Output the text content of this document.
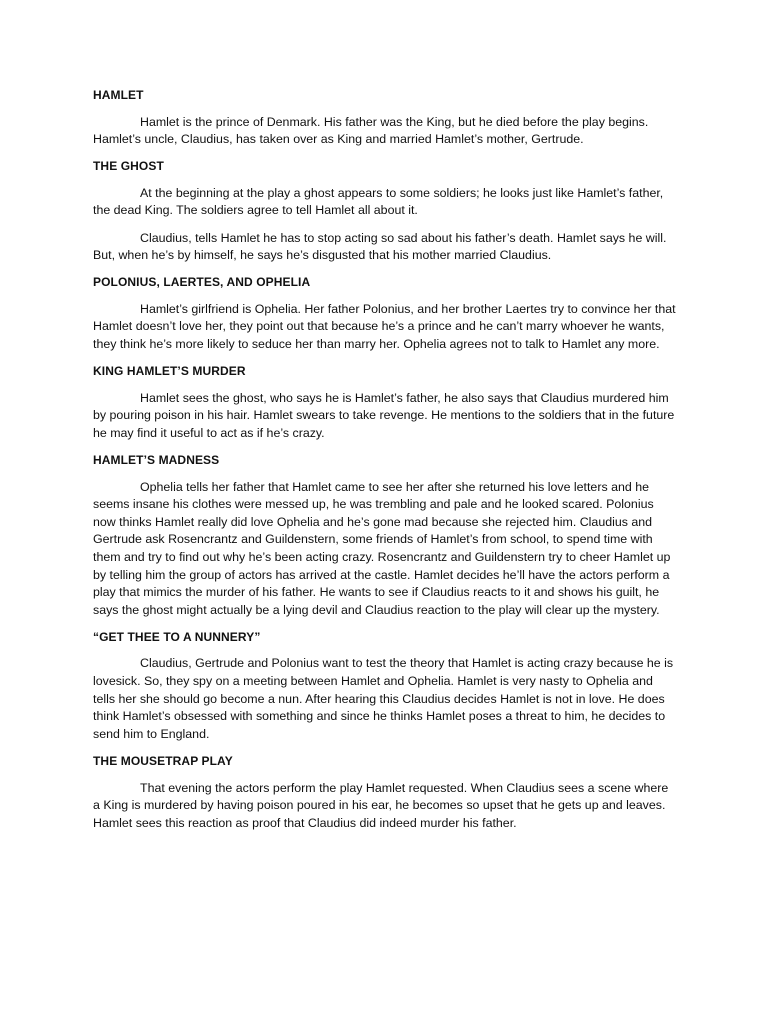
HAMLET

Hamlet is the prince of Denmark. His father was the King, but he died before the play begins. Hamlet’s uncle, Claudius, has taken over as King and married Hamlet’s mother, Gertrude.

THE GHOST

At the beginning at the play a ghost appears to some soldiers; he looks just like Hamlet’s father, the dead King. The soldiers agree to tell Hamlet all about it.

Claudius, tells Hamlet he has to stop acting so sad about his father’s death. Hamlet says he will. But, when he’s by himself, he says he’s disgusted that his mother married Claudius.

POLONIUS, LAERTES, AND OPHELIA

Hamlet’s girlfriend is Ophelia. Her father Polonius, and her brother Laertes try to convince her that Hamlet doesn’t love her, they point out that because he’s a prince and he can’t marry whoever he wants, they think he’s more likely to seduce her than marry her. Ophelia agrees not to talk to Hamlet any more.

KING HAMLET’S MURDER

Hamlet sees the ghost, who says he is Hamlet’s father, he also says that Claudius murdered him by pouring poison in his hair. Hamlet swears to take revenge. He mentions to the soldiers that in the future he may find it useful to act as if he’s crazy.

HAMLET’S MADNESS

Ophelia tells her father that Hamlet came to see her after she returned his love letters and he seems insane his clothes were messed up, he was trembling and pale and he looked scared. Polonius now thinks Hamlet really did love Ophelia and he’s gone mad because she rejected him. Claudius and Gertrude ask Rosencrantz and Guildenstern, some friends of Hamlet’s from school, to spend time with them and try to find out why he’s been acting crazy. Rosencrantz and Guildenstern try to cheer Hamlet up by telling him the group of actors has arrived at the castle. Hamlet decides he’ll have the actors perform a play that mimics the murder of his father. He wants to see if Claudius reacts to it and shows his guilt, he says the ghost might actually be a lying devil and Claudius reaction to the play will clear up the mystery.

“GET THEE TO A NUNNERY”

Claudius, Gertrude and Polonius want to test the theory that Hamlet is acting crazy because he is lovesick. So, they spy on a meeting between Hamlet and Ophelia. Hamlet is very nasty to Ophelia and tells her she should go become a nun. After hearing this Claudius decides Hamlet is not in love. He does think Hamlet’s obsessed with something and since he thinks Hamlet poses a threat to him, he decides to send him to England.

THE MOUSETRAP PLAY

That evening the actors perform the play Hamlet requested. When Claudius sees a scene where a King is murdered by having poison poured in his ear, he becomes so upset that he gets up and leaves. Hamlet sees this reaction as proof that Claudius did indeed murder his father.
